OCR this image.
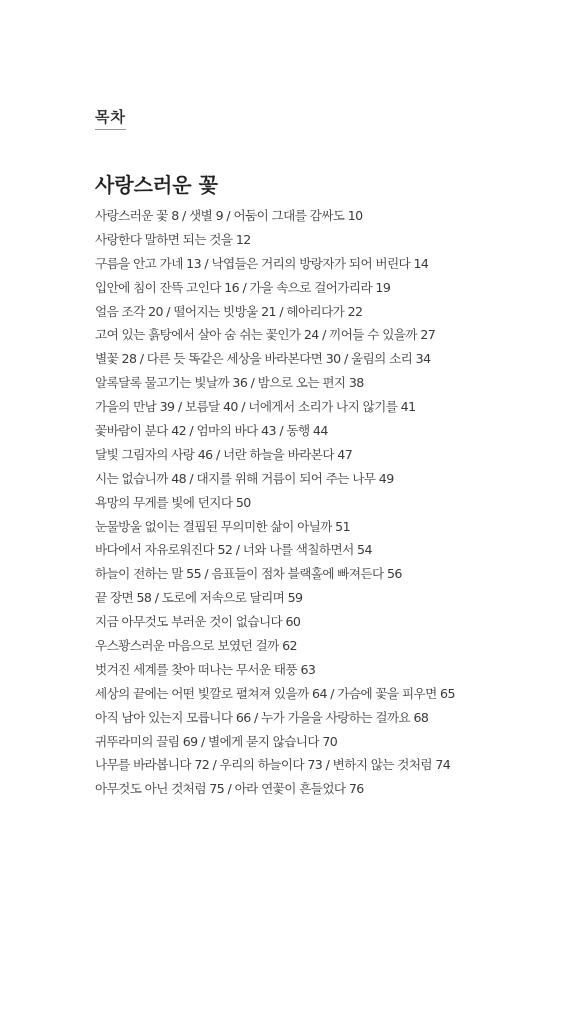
목차
사랑스러운 꽃
사랑스러운 꽃 8 / 샛별 9 / 어둠이 그대를 감싸도 10
사랑한다 말하면 되는 것을 12
구름을 안고 가네 13 / 낙엽들은 거리의 방랑자가 되어 버린다 14
입안에 침이 잔뜩 고인다 16 / 가을 속으로 걸어가리라 19
얼음 조각 20 / 떨어지는 빗방울 21 / 헤아리다가 22
고여 있는 흙탕에서 살아 숨 쉬는 꽃인가 24 / 끼어들 수 있을까 27
별꽃 28 / 다른 듯 똑같은 세상을 바라본다면 30 / 울림의 소리 34
알록달록 물고기는 빛날까 36 / 밤으로 오는 편지 38
가을의 만남 39 / 보름달 40 / 너에게서 소리가 나지 않기를 41
꽃바람이 분다 42 / 엄마의 바다 43 / 동행 44
달빛 그림자의 사랑 46 / 너란 하늘을 바라본다 47
시는 없습니까 48 / 대지를 위해 거름이 되어 주는 나무 49
욕망의 무게를 빛에 던지다 50
눈물방울 없이는 결핍된 무의미한 삶이 아닐까 51
바다에서 자유로워진다 52 / 너와 나를 색칠하면서 54
하늘이 전하는 말 55 / 음표들이 점차 블랙홀에 빠져든다 56
끝 장면 58 / 도로에 저속으로 달리며 59
지금 아무것도 부러운 것이 없습니다 60
우스꽝스러운 마음으로 보였던 걸까 62
벗겨진 세계를 찾아 떠나는 무서운 태풍 63
세상의 끝에는 어떤 빛깔로 펼쳐져 있을까 64 / 가슴에 꽃을 피우면 65
아직 남아 있는지 모릅니다 66 / 누가 가을을 사랑하는 걸까요 68
귀뚜라미의 끌림 69 / 별에게 묻지 않습니다 70
나무를 바라봅니다 72 / 우리의 하늘이다 73 / 변하지 않는 것처럼 74
아무것도 아닌 것처럼 75 / 아라 연꽃이 흔들었다 76
